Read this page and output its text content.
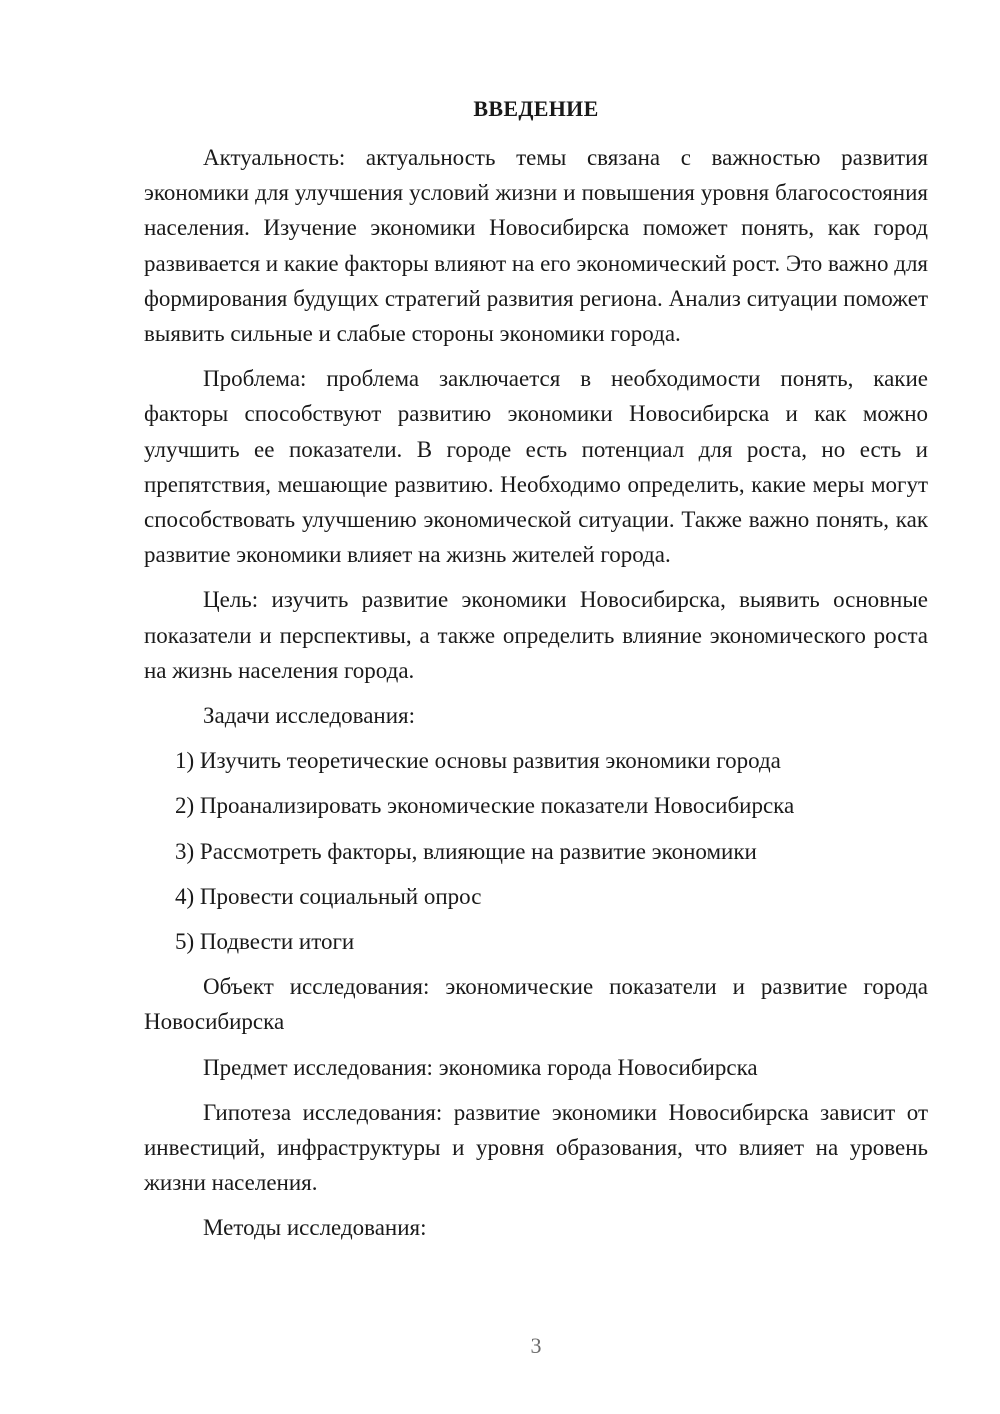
ВВЕДЕНИЕ

Актуальность: актуальность темы связана с важностью развития экономики для улучшения условий жизни и повышения уровня благосостояния населения. Изучение экономики Новосибирска поможет понять, как город развивается и какие факторы влияют на его экономический рост. Это важно для формирования будущих стратегий развития региона. Анализ ситуации поможет выявить сильные и слабые стороны экономики города.

Проблема: проблема заключается в необходимости понять, какие факторы способствуют развитию экономики Новосибирска и как можно улучшить ее показатели. В городе есть потенциал для роста, но есть и препятствия, мешающие развитию. Необходимо определить, какие меры могут способствовать улучшению экономической ситуации. Также важно понять, как развитие экономики влияет на жизнь жителей города.

Цель: изучить развитие экономики Новосибирска, выявить основные показатели и перспективы, а также определить влияние экономического роста на жизнь населения города.

Задачи исследования:

1) Изучить теоретические основы развития экономики города

2) Проанализировать экономические показатели Новосибирска

3) Рассмотреть факторы, влияющие на развитие экономики

4) Провести социальный опрос

5) Подвести итоги

Объект исследования: экономические показатели и развитие города Новосибирска

Предмет исследования: экономика города Новосибирска

Гипотеза исследования: развитие экономики Новосибирска зависит от инвестиций, инфраструктуры и уровня образования, что влияет на уровень жизни населения.

Методы исследования:

3
